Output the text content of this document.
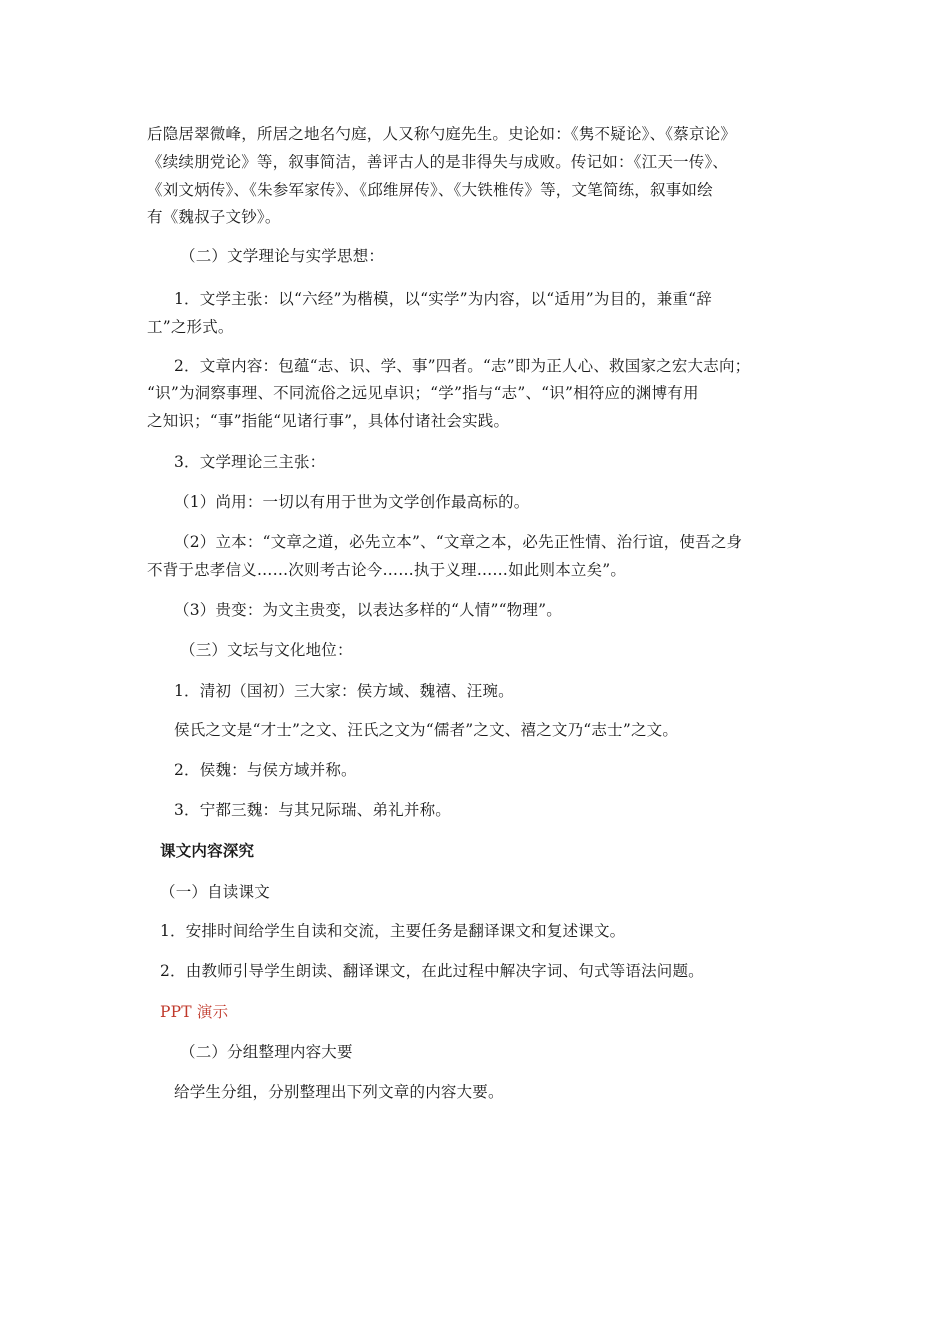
后隐居翠微峰，所居之地名勺庭，人又称勺庭先生。史论如：《隽不疑论》、《蔡京论》
《续续朋党论》等，叙事简洁，善评古人的是非得失与成败。传记如：《江天一传》、
《刘文炳传》、《朱参军家传》、《邱维屏传》、《大铁椎传》等，文笔简练，叙事如绘
有《魏叔子文钞》。
（二）文学理论与实学思想：
1．文学主张：以“六经”为楷模，以“实学”为内容，以“适用”为目的，兼重“辞
工”之形式。
2．文章内容：包蕴“志、识、学、事”四者。“志”即为正人心、救国家之宏大志向；
“识”为洞察事理、不同流俗之远见卓识；“学”指与“志”、“识”相符应的渊博有用
之知识；“事”指能“见诸行事”，具体付诸社会实践。
3．文学理论三主张：
（1）尚用：一切以有用于世为文学创作最高标的。
（2）立本：“文章之道，必先立本”、“文章之本，必先正性情、治行谊，使吾之身
不背于忠孝信义……次则考古论今……执于义理……如此则本立矣”。
（3）贵变：为文主贵变，以表达多样的“人情”“物理”。
（三）文坛与文化地位：
1．清初（国初）三大家：侯方域、魏禧、汪琬。
侯氏之文是“才士”之文、汪氏之文为“儒者”之文、禧之文乃“志士”之文。
2．侯魏：与侯方域并称。
3．宁都三魏：与其兄际瑞、弟礼并称。
课文内容深究
（一）自读课文
1．安排时间给学生自读和交流，主要任务是翻译课文和复述课文。
2．由教师引导学生朗读、翻译课文，在此过程中解决字词、句式等语法问题。
PPT 演示
（二）分组整理内容大要
给学生分组，分别整理出下列文章的内容大要。
